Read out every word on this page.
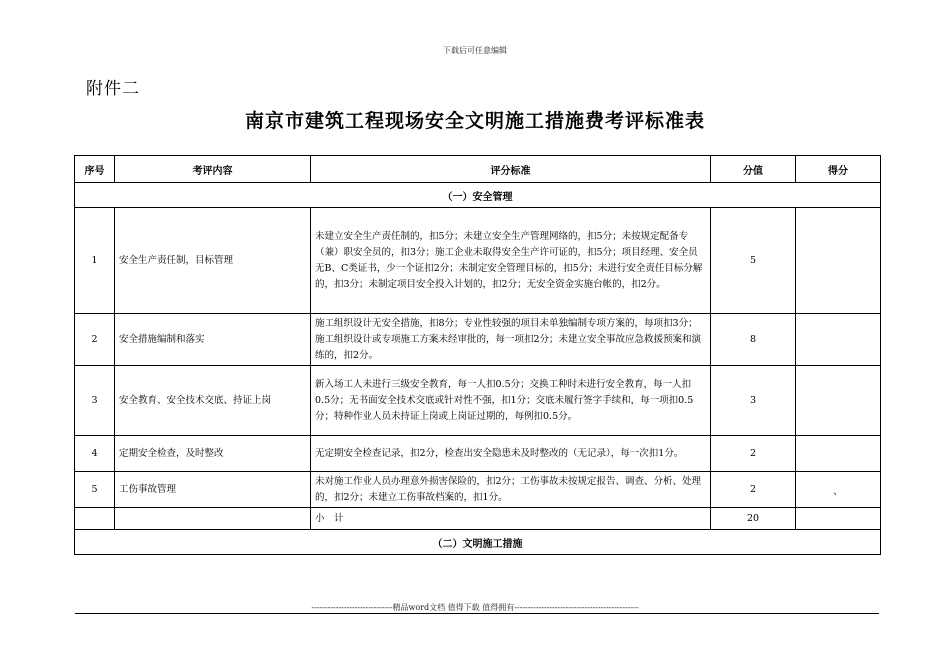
下载后可任意编辑
附件二
南京市建筑工程现场安全文明施工措施费考评标准表
序号	考评内容	评分标准	分值	得分
（一）安全管理				
1	安全生产责任制，目标管理	未建立安全生产责任制的，扣5分；未建立安全生产管理网络的，扣5分；未按规定配备专（兼）职安全员的，扣3分；施工企业未取得安全生产许可证的，扣5分；项目经理、安全员无B、C类证书，少一个证扣2分；未制定安全管理目标的，扣5分；未进行安全责任目标分解的，扣3分；未制定项目安全投入计划的，扣2分；无安全资金实施台帐的，扣2分。	5	
2	安全措施编制和落实	施工组织设计无安全措施，扣8分；专业性较强的项目未单独编制专项方案的，每项扣3分；施工组织设计或专项施工方案未经审批的，每一项扣2分；未建立安全事故应急救援预案和演练的，扣2分。	8	
3	安全教育、安全技术交底、持证上岗	新入场工人未进行三级安全教育，每一人扣0.5分；交换工种时未进行安全教育，每一人扣0.5分；无书面安全技术交底或针对性不强，扣1分；交底未履行签字手续和，每一项扣0.5分；特种作业人员未持证上岗或上岗证过期的，每例扣0.5分。	3	
4	定期安全检查，及时整改	无定期安全检查记录，扣2分，检查出安全隐患未及时整改的（无记录），每一次扣1分。	2	
5	工伤事故管理	未对施工作业人员办理意外损害保险的，扣2分；工伤事故未按规定报告、调查、分析、处理的，扣2分；未建立工伤事故档案的，扣1分。	2	、
		小　计	20	
（二）文明施工措施				
------------------------------精品word文档 值得下载 值得拥有----------------------------------------------
